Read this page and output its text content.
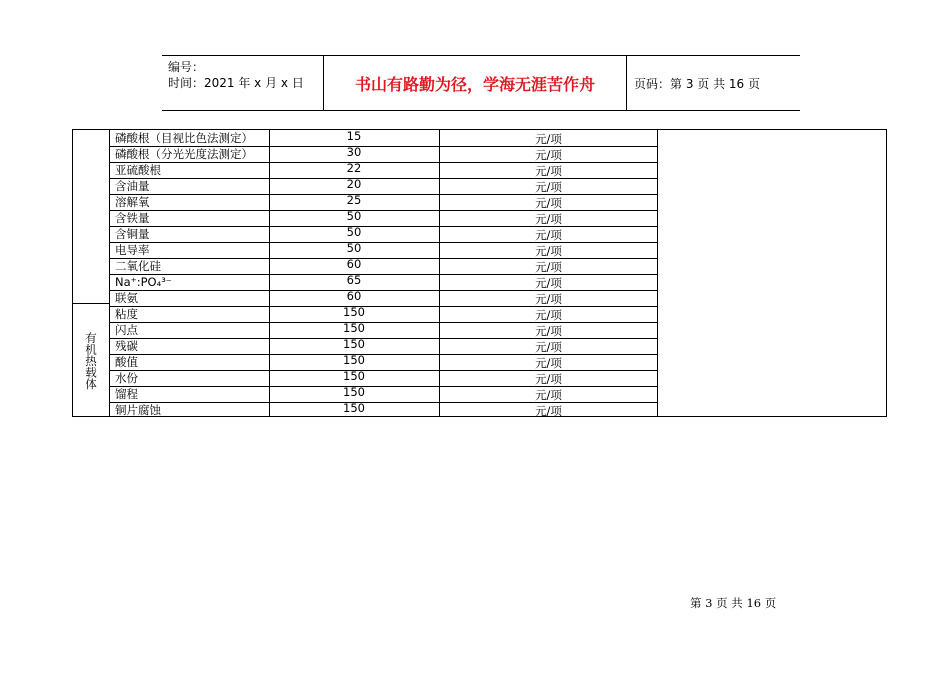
编号：
时间：2021 年 x 月 x 日	书山有路勤为径，学海无涯苦作舟	页码：第 3 页 共 16 页
有机热载体
磷酸根（目视比色法测定）	15	元/项
磷酸根（分光光度法测定）	30	元/项
亚硫酸根	22	元/项
含油量	20	元/项
溶解氧	25	元/项
含铁量	50	元/项
含铜量	50	元/项
电导率	50	元/项
二氧化硅	60	元/项
Na⁺:PO₄³⁻	65	元/项
联氨	60	元/项
粘度	150	元/项
闪点	150	元/项
残碳	150	元/项
酸值	150	元/项
水份	150	元/项
馏程	150	元/项
铜片腐蚀	150	元/项
第 3 页 共 16 页
